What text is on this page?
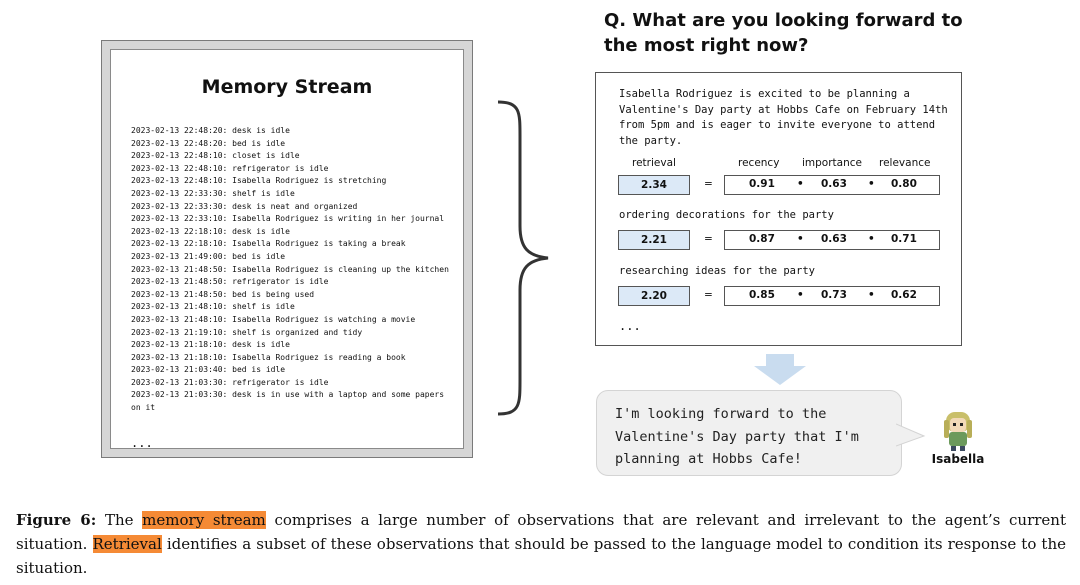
Memory Stream
2023-02-13 22:48:20: desk is idle
2023-02-13 22:48:20: bed is idle
2023-02-13 22:48:10: closet is idle
2023-02-13 22:48:10: refrigerator is idle
2023-02-13 22:48:10: Isabella Rodriguez is stretching
2023-02-13 22:33:30: shelf is idle
2023-02-13 22:33:30: desk is neat and organized
2023-02-13 22:33:10: Isabella Rodriguez is writing in her journal
2023-02-13 22:18:10: desk is idle
2023-02-13 22:18:10: Isabella Rodriguez is taking a break
2023-02-13 21:49:00: bed is idle
2023-02-13 21:48:50: Isabella Rodriguez is cleaning up the kitchen
2023-02-13 21:48:50: refrigerator is idle
2023-02-13 21:48:50: bed is being used
2023-02-13 21:48:10: shelf is idle
2023-02-13 21:48:10: Isabella Rodriguez is watching a movie
2023-02-13 21:19:10: shelf is organized and tidy
2023-02-13 21:18:10: desk is idle
2023-02-13 21:18:10: Isabella Rodriguez is reading a book
2023-02-13 21:03:40: bed is idle
2023-02-13 21:03:30: refrigerator is idle
2023-02-13 21:03:30: desk is in use with a laptop and some papers on it
...
Q. What are you looking forward to the most right now?
Isabella Rodriguez is excited to be planning a Valentine's Day party at Hobbs Cafe on February 14th from 5pm and is eager to invite everyone to attend the party.
retrieval	recency importance relevance
2.34	=	0.91 • 0.63 • 0.80
ordering decorations for the party
2.21	=	0.87 • 0.63 • 0.71
researching ideas for the party
2.20	=	0.85 • 0.73 • 0.62
...
I'm looking forward to the Valentine's Day party that I'm planning at Hobbs Cafe!	Isabella
Figure 6: The memory stream comprises a large number of observations that are relevant and irrelevant to the agent’s current situation. Retrieval identifies a subset of these observations that should be passed to the language model to condition its response to the situation.
